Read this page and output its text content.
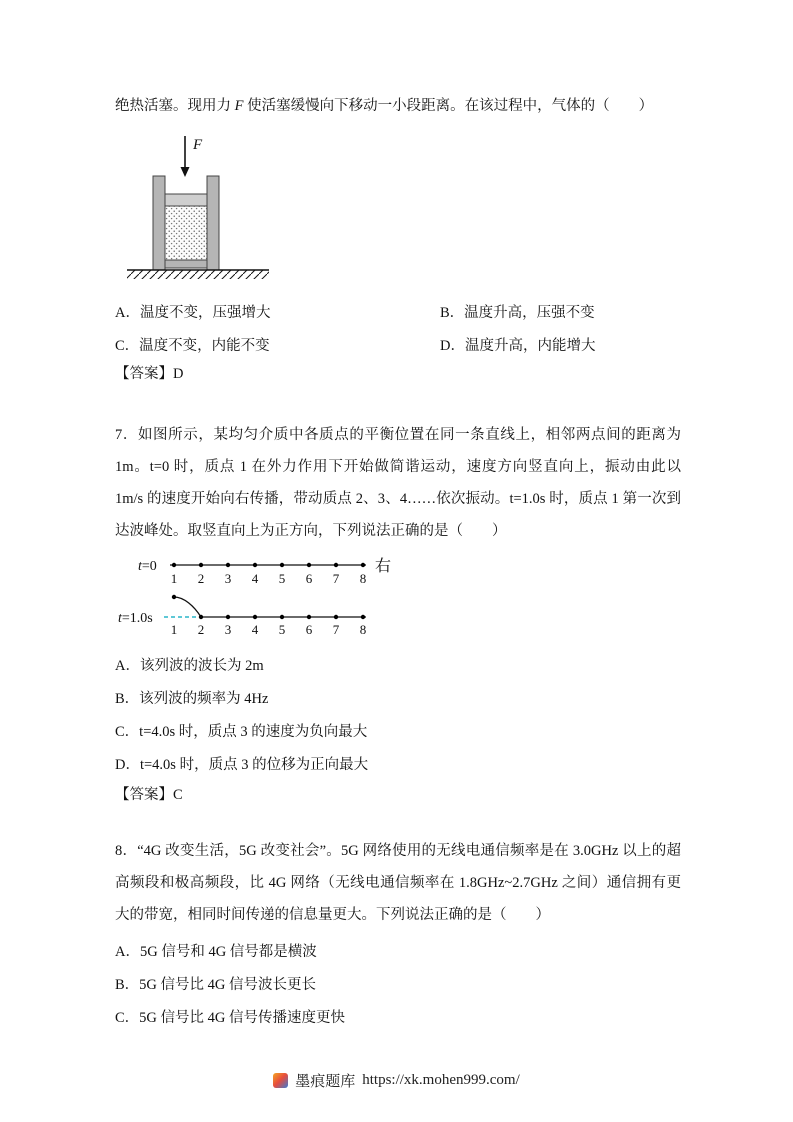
绝热活塞。现用力 F 使活塞缓慢向下移动一小段距离。在该过程中，气体的（　　）

F
A．温度不变，压强增大	B．温度升高，压强不变
C．温度不变，内能不变	D．温度升高，内能增大

【答案】D

7．如图所示，某均匀介质中各质点的平衡位置在同一条直线上，相邻两点间的距离为 1m。t=0 时，质点 1 在外力作用下开始做简谐运动，速度方向竖直向上，振动由此以 1m/s 的速度开始向右传播，带动质点 2、3、4……依次振动。t=1.0s 时，质点 1 第一次到达波峰处。取竖直向上为正方向，下列说法正确的是（　　）

t=0
1 2 3 4 5 6 7 8
右
t=1.0s
1 2 3 4 5 6 7 8
A．该列波的波长为 2m
B．该列波的频率为 4Hz
C．t=4.0s 时，质点 3 的速度为负向最大
D．t=4.0s 时，质点 3 的位移为正向最大

【答案】C

8．“4G 改变生活，5G 改变社会”。5G 网络使用的无线电通信频率是在 3.0GHz 以上的超高频段和极高频段，比 4G 网络（无线电通信频率在 1.8GHz~2.7GHz 之间）通信拥有更大的带宽，相同时间传递的信息量更大。下列说法正确的是（　　）

A．5G 信号和 4G 信号都是横波
B．5G 信号比 4G 信号波长更长
C．5G 信号比 4G 信号传播速度更快
墨痕题库 https://xk.mohen999.com/
